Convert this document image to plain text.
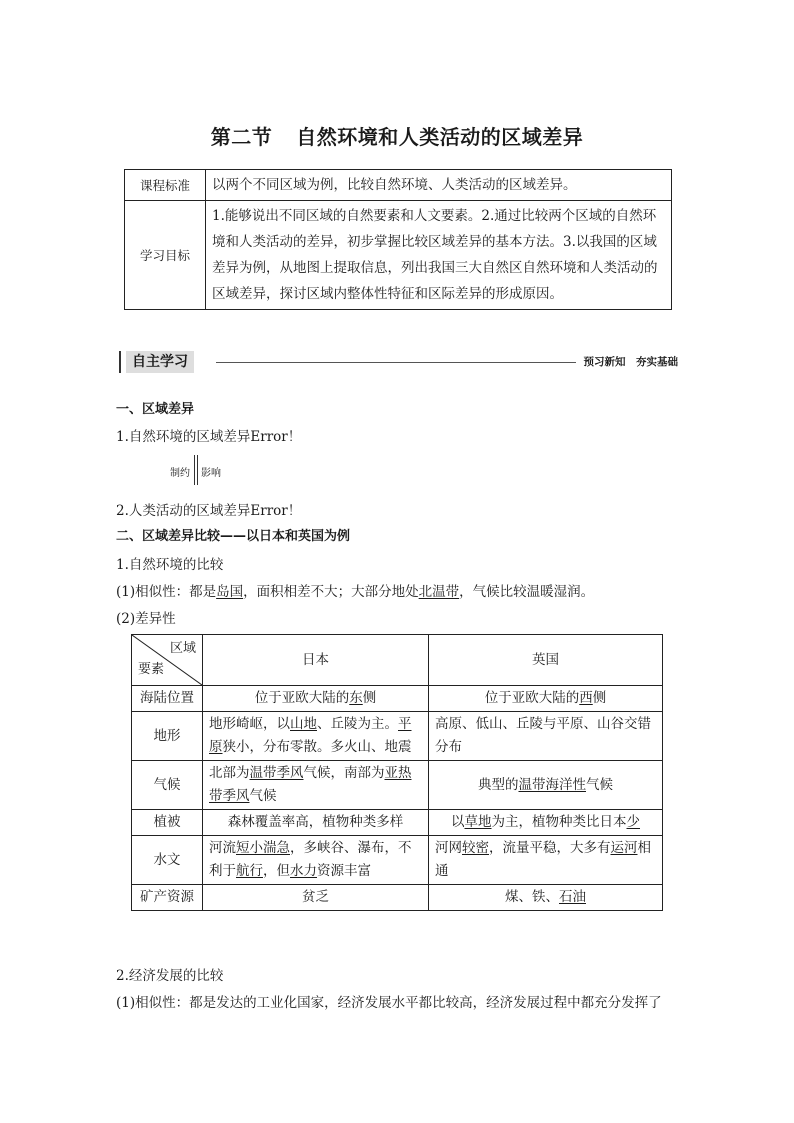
第二节 自然环境和人类活动的区域差异
课程标准	以两个不同区域为例，比较自然环境、人类活动的区域差异。
学习目标	1.能够说出不同区域的自然要素和人文要素。2.通过比较两个区域的自然环境和人类活动的差异，初步掌握比较区域差异的基本方法。3.以我国的区域差异为例，从地图上提取信息，列出我国三大自然区自然环境和人类活动的区域差异，探讨区域内整体性特征和区际差异的形成原因。
自主学习	预习新知　夯实基础
一、区域差异
1.自然环境的区域差异Error！
制约 影响
2.人类活动的区域差异Error！
二、区域差异比较——以日本和英国为例
1.自然环境的比较
(1)相似性：都是岛国，面积相差不大；大部分地处北温带，气候比较温暖湿润。
(2)差异性
区域
要素	日本	英国
海陆位置	位于亚欧大陆的东侧	位于亚欧大陆的西侧
地形	地形崎岖，以山地、丘陵为主。平原狭小，分布零散。多火山、地震	高原、低山、丘陵与平原、山谷交错分布
气候	北部为温带季风气候，南部为亚热带季风气候	典型的温带海洋性气候
植被	森林覆盖率高，植物种类多样	以草地为主，植物种类比日本少
水文	河流短小湍急，多峡谷、瀑布，不利于航行，但水力资源丰富	河网较密，流量平稳，大多有运河相通
矿产资源	贫乏	煤、铁、石油
2.经济发展的比较
(1)相似性：都是发达的工业化国家，经济发展水平都比较高，经济发展过程中都充分发挥了
